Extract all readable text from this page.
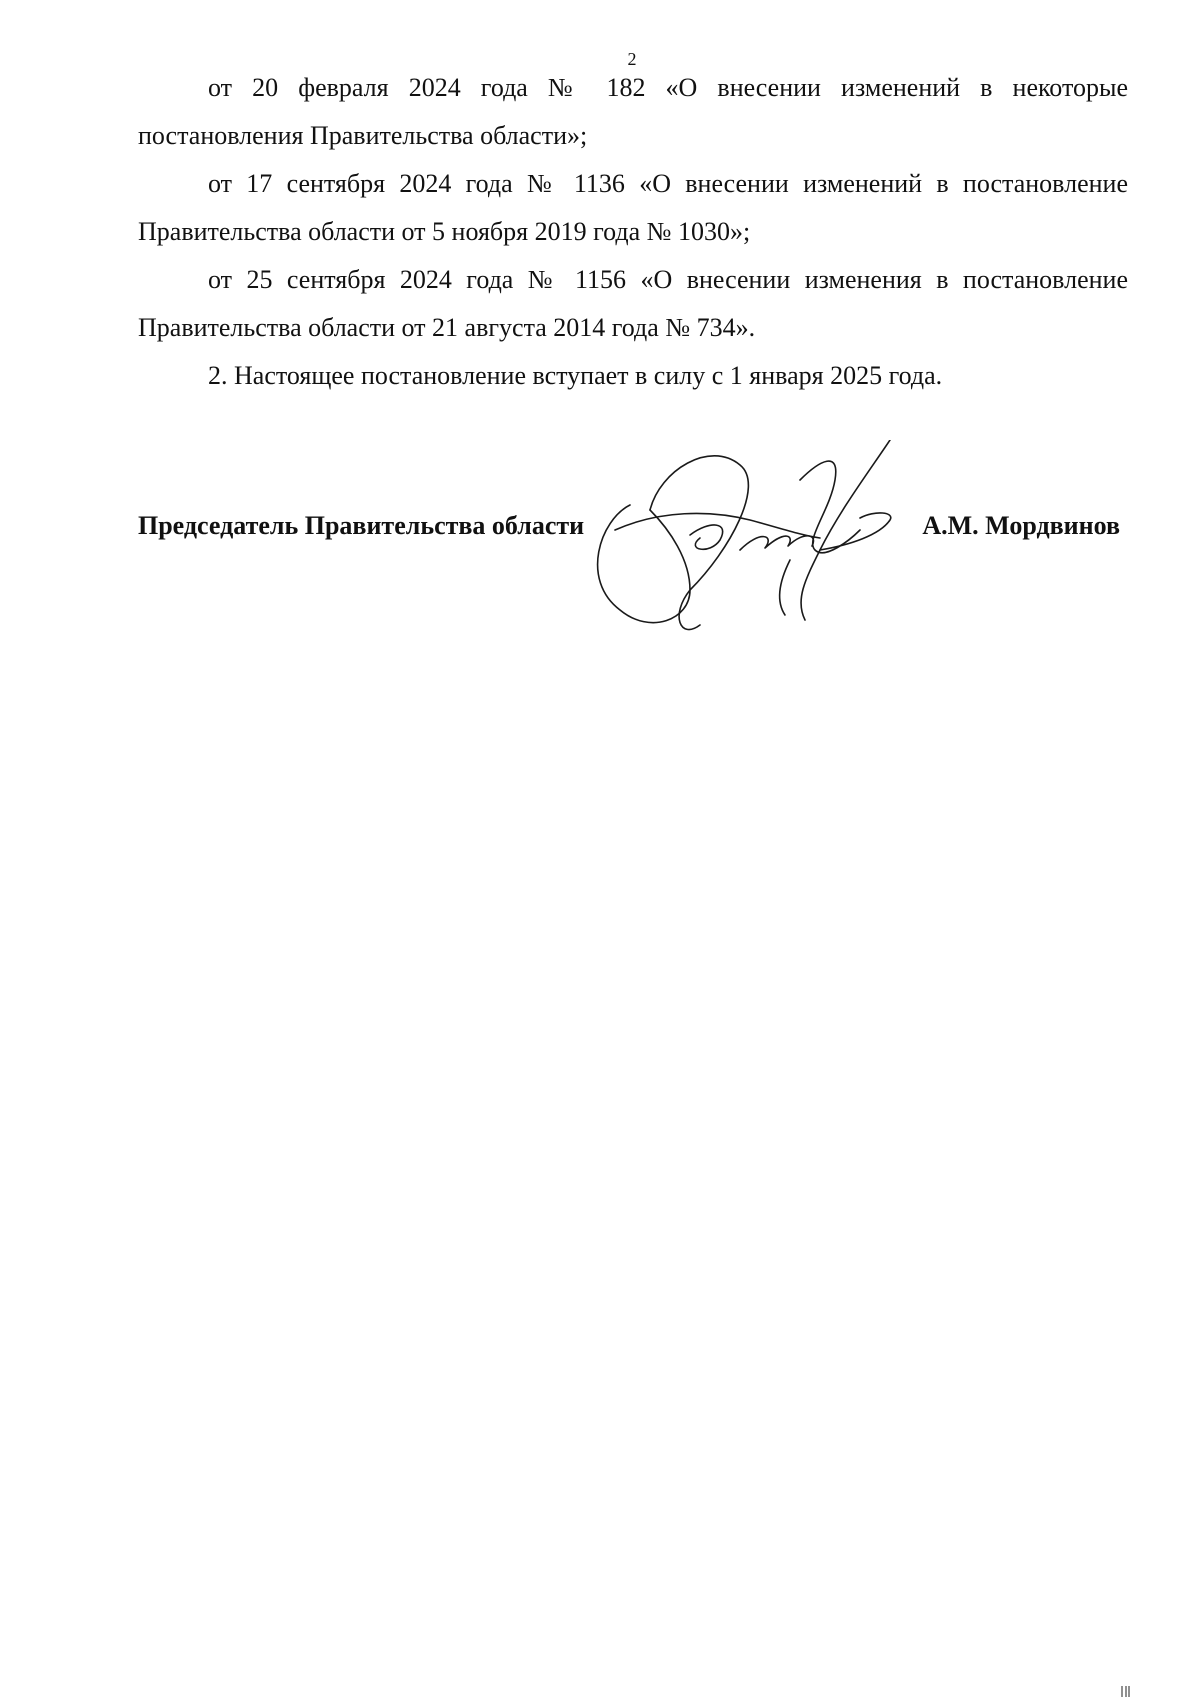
2

от 20 февраля 2024 года № 182 «О внесении изменений в некоторые постановления Правительства области»;

от 17 сентября 2024 года № 1136 «О внесении изменений в постановление Правительства области от 5 ноября 2019 года № 1030»;

от 25 сентября 2024 года № 1156 «О внесении изменения в постановление Правительства области от 21 августа 2014 года № 734».

2. Настоящее постановление вступает в силу с 1 января 2025 года.

Председатель Правительства области	А.М. Мордвинов
